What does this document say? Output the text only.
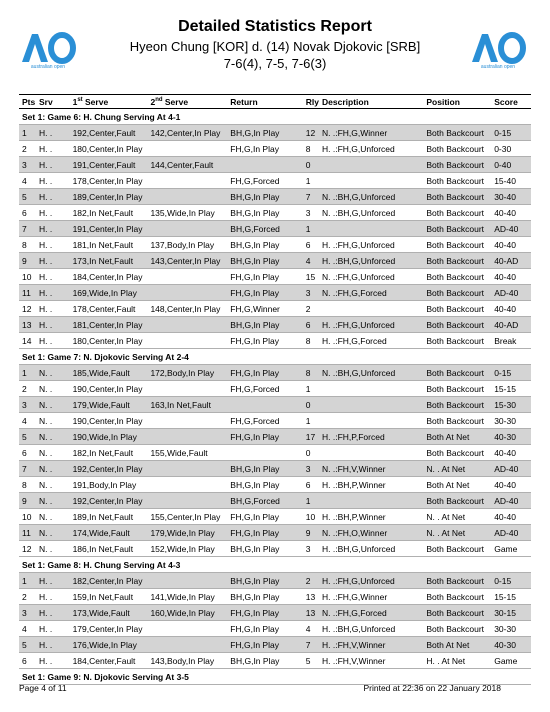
australian open	australian open
Detailed Statistics Report
Hyeon Chung [KOR] d. (14) Novak Djokovic [SRB]
7-6(4), 7-5, 7-6(3)
Pts	Srv	1st Serve	2nd Serve	Return	Rly	Description	Position	Score
Set 1: Game 6: H. Chung Serving At 4-1								
1	H. .	192,Center,Fault	142,Center,In Play	BH,G,In Play	12	N. .:FH,G,Winner	Both Backcourt	0-15
2	H. .	180,Center,In Play		FH,G,In Play	8	H. .:FH,G,Unforced	Both Backcourt	0-30
3	H. .	191,Center,Fault	144,Center,Fault		0		Both Backcourt	0-40
4	H. .	178,Center,In Play		FH,G,Forced	1		Both Backcourt	15-40
5	H. .	189,Center,In Play		BH,G,In Play	7	N. .:BH,G,Unforced	Both Backcourt	30-40
6	H. .	182,In Net,Fault	135,Wide,In Play	BH,G,In Play	3	N. .:BH,G,Unforced	Both Backcourt	40-40
7	H. .	191,Center,In Play		BH,G,Forced	1		Both Backcourt	AD-40
8	H. .	181,In Net,Fault	137,Body,In Play	BH,G,In Play	6	H. .:FH,G,Unforced	Both Backcourt	40-40
9	H. .	173,In Net,Fault	143,Center,In Play	BH,G,In Play	4	H. .:BH,G,Unforced	Both Backcourt	40-AD
10	H. .	184,Center,In Play		FH,G,In Play	15	N. .:FH,G,Unforced	Both Backcourt	40-40
11	H. .	169,Wide,In Play		FH,G,In Play	3	N. .:FH,G,Forced	Both Backcourt	AD-40
12	H. .	178,Center,Fault	148,Center,In Play	FH,G,Winner	2		Both Backcourt	40-40
13	H. .	181,Center,In Play		BH,G,In Play	6	H. .:FH,G,Unforced	Both Backcourt	40-AD
14	H. .	180,Center,In Play		FH,G,In Play	8	H. .:FH,G,Forced	Both Backcourt	Break
Set 1: Game 7: N. Djokovic Serving At 2-4								
1	N. .	185,Wide,Fault	172,Body,In Play	FH,G,In Play	8	N. .:BH,G,Unforced	Both Backcourt	0-15
2	N. .	190,Center,In Play		FH,G,Forced	1		Both Backcourt	15-15
3	N. .	179,Wide,Fault	163,In Net,Fault		0		Both Backcourt	15-30
4	N. .	190,Center,In Play		FH,G,Forced	1		Both Backcourt	30-30
5	N. .	190,Wide,In Play		FH,G,In Play	17	H. .:FH,P,Forced	Both At Net	40-30
6	N. .	182,In Net,Fault	155,Wide,Fault		0		Both Backcourt	40-40
7	N. .	192,Center,In Play		BH,G,In Play	3	N. .:FH,V,Winner	N. . At Net	AD-40
8	N. .	191,Body,In Play		BH,G,In Play	6	H. .:BH,P,Winner	Both At Net	40-40
9	N. .	192,Center,In Play		BH,G,Forced	1		Both Backcourt	AD-40
10	N. .	189,In Net,Fault	155,Center,In Play	FH,G,In Play	10	H. .:BH,P,Winner	N. . At Net	40-40
11	N. .	174,Wide,Fault	179,Wide,In Play	FH,G,In Play	9	N. .:FH,O,Winner	N. . At Net	AD-40
12	N. .	186,In Net,Fault	152,Wide,In Play	BH,G,In Play	3	H. .:BH,G,Unforced	Both Backcourt	Game
Set 1: Game 8: H. Chung Serving At 4-3								
1	H. .	182,Center,In Play		BH,G,In Play	2	H. .:FH,G,Unforced	Both Backcourt	0-15
2	H. .	159,In Net,Fault	141,Wide,In Play	BH,G,In Play	13	H. .:FH,G,Winner	Both Backcourt	15-15
3	H. .	173,Wide,Fault	160,Wide,In Play	FH,G,In Play	13	N. .:FH,G,Forced	Both Backcourt	30-15
4	H. .	179,Center,In Play		FH,G,In Play	4	H. .:BH,G,Unforced	Both Backcourt	30-30
5	H. .	176,Wide,In Play		FH,G,In Play	7	H. .:FH,V,Winner	Both At Net	40-30
6	H. .	184,Center,Fault	143,Body,In Play	BH,G,In Play	5	H. .:FH,V,Winner	H. . At Net	Game
Set 1: Game 9: N. Djokovic Serving At 3-5								
Page 4 of 11	Printed at 22:36 on 22 January 2018
